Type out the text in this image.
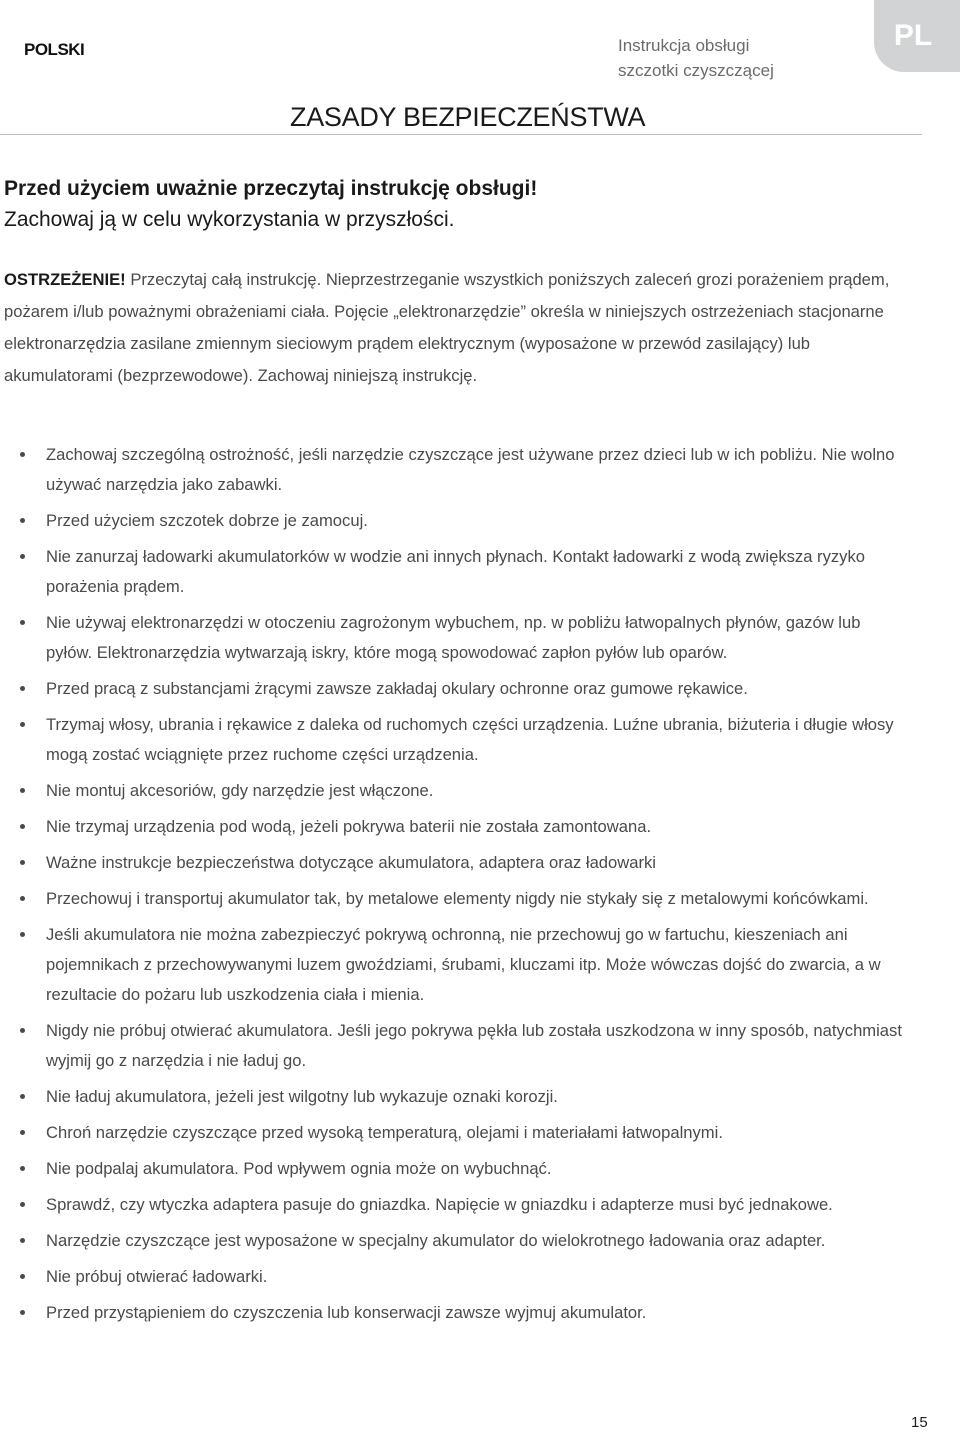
POLSKI	Instrukcja obsługi
szczotki czyszczącej
PL
ZASADY BEZPIECZEŃSTWA
Przed użyciem uważnie przeczytaj instrukcję obsługi!
Zachowaj ją w celu wykorzystania w przyszłości.
OSTRZEŻENIE! Przeczytaj całą instrukcję. Nieprzestrzeganie wszystkich poniższych zaleceń grozi porażeniem prądem, pożarem i/lub poważnymi obrażeniami ciała. Pojęcie „elektronarzędzie” określa w niniejszych ostrzeżeniach stacjonarne elektronarzędzia zasilane zmiennym sieciowym prądem elektrycznym (wyposażone w przewód zasilający) lub akumulatorami (bezprzewodowe). Zachowaj niniejszą instrukcję.
Zachowaj szczególną ostrożność, jeśli narzędzie czyszczące jest używane przez dzieci lub w ich pobliżu. Nie wolno używać narzędzia jako zabawki.
Przed użyciem szczotek dobrze je zamocuj.
Nie zanurzaj ładowarki akumulatorków w wodzie ani innych płynach. Kontakt ładowarki z wodą zwiększa ryzyko porażenia prądem.
Nie używaj elektronarzędzi w otoczeniu zagrożonym wybuchem, np. w pobliżu łatwopalnych płynów, gazów lub pyłów. Elektronarzędzia wytwarzają iskry, które mogą spowodować zapłon pyłów lub oparów.
Przed pracą z substancjami żrącymi zawsze zakładaj okulary ochronne oraz gumowe rękawice.
Trzymaj włosy, ubrania i rękawice z daleka od ruchomych części urządzenia. Luźne ubrania, biżuteria i długie włosy mogą zostać wciągnięte przez ruchome części urządzenia.
Nie montuj akcesoriów, gdy narzędzie jest włączone.
Nie trzymaj urządzenia pod wodą, jeżeli pokrywa baterii nie została zamontowana.
Ważne instrukcje bezpieczeństwa dotyczące akumulatora, adaptera oraz ładowarki
Przechowuj i transportuj akumulator tak, by metalowe elementy nigdy nie stykały się z metalowymi końcówkami.
Jeśli akumulatora nie można zabezpieczyć pokrywą ochronną, nie przechowuj go w fartuchu, kieszeniach ani pojemnikach z przechowywanymi luzem gwoździami, śrubami, kluczami itp. Może wówczas dojść do zwarcia, a w rezultacie do pożaru lub uszkodzenia ciała i mienia.
Nigdy nie próbuj otwierać akumulatora. Jeśli jego pokrywa pękła lub została uszkodzona w inny sposób, natychmiast wyjmij go z narzędzia i nie ładuj go.
Nie ładuj akumulatora, jeżeli jest wilgotny lub wykazuje oznaki korozji.
Chroń narzędzie czyszczące przed wysoką temperaturą, olejami i materiałami łatwopalnymi.
Nie podpalaj akumulatora. Pod wpływem ognia może on wybuchnąć.
Sprawdź, czy wtyczka adaptera pasuje do gniazdka. Napięcie w gniazdku i adapterze musi być jednakowe.
Narzędzie czyszczące jest wyposażone w specjalny akumulator do wielokrotnego ładowania oraz adapter.
Nie próbuj otwierać ładowarki.
Przed przystąpieniem do czyszczenia lub konserwacji zawsze wyjmuj akumulator.
15
